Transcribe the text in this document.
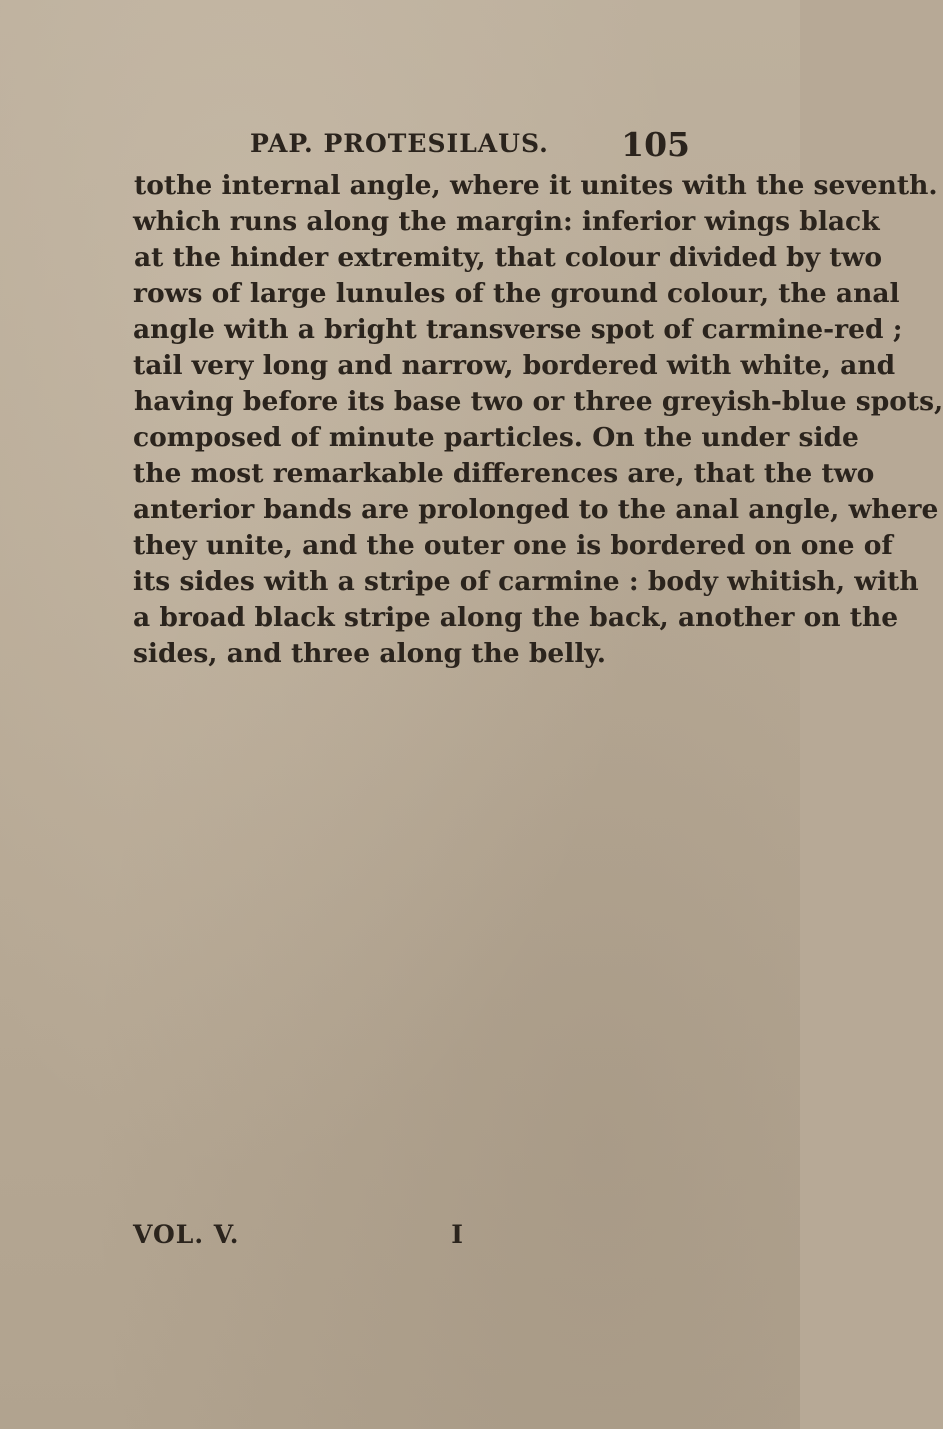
PAP. PROTESILAUS. 105
tothe internal angle, where it unites with the seventh.
which runs along the margin: inferior wings black
at the hinder extremity, that colour divided by two
rows of large lunules of the ground colour, the anal
angle with a bright transverse spot of carmine-red ;
tail very long and narrow, bordered with white, and
having before its base two or three greyish-blue spots,
composed of minute particles. On the under side
the most remarkable differences are, that the two
anterior bands are prolonged to the anal angle, where
they unite, and the outer one is bordered on one of
its sides with a stripe of carmine : body whitish, with
a broad black stripe along the back, another on the
sides, and three along the belly.
VOL. V.	I
